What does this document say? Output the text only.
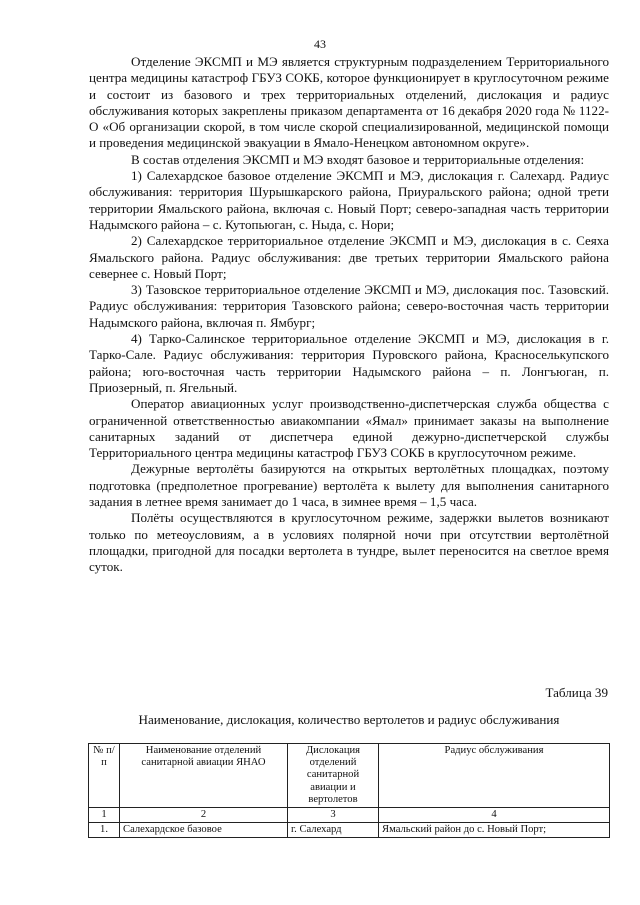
43

Отделение ЭКСМП и МЭ является структурным подразделением Территориального центра медицины катастроф ГБУЗ СОКБ, которое функционирует в круглосуточном режиме и состоит из базового и трех территориальных отделений, дислокация и радиус обслуживания которых закреплены приказом департамента от 16 декабря 2020 года № 1122-О «Об организации скорой, в том числе скорой специализированной, медицинской помощи и проведения медицинской эвакуации в Ямало-Ненецком автономном округе».

В состав отделения ЭКСМП и МЭ входят базовое и территориальные отделения:

1) Салехардское базовое отделение ЭКСМП и МЭ, дислокация г. Салехард. Радиус обслуживания: территория Шурышкарского района, Приуральского района; одной трети территории Ямальского района, включая с. Новый Порт; северо-западная часть территории Надымского района – с. Кутопьюган, с. Ныда, с. Нори;

2) Салехардское территориальное отделение ЭКСМП и МЭ, дислокация в с. Сеяха Ямальского района. Радиус обслуживания: две третьих территории Ямальского района севернее с. Новый Порт;

3) Тазовское территориальное отделение ЭКСМП и МЭ, дислокация пос. Тазовский. Радиус обслуживания: территория Тазовского района; северо-восточная часть территории Надымского района, включая п. Ямбург;

4) Тарко-Салинское территориальное отделение ЭКСМП и МЭ, дислокация в г. Тарко-Сале. Радиус обслуживания: территория Пуровского района, Красноселькупского района; юго-восточная часть территории Надымского района – п. Лонгъюган, п. Приозерный, п. Ягельный.

Оператор авиационных услуг производственно-диспетчерская служба общества с ограниченной ответственностью авиакомпании «Ямал» принимает заказы на выполнение санитарных заданий от диспетчера единой дежурно-диспетчерской службы Территориального центра медицины катастроф ГБУЗ СОКБ в круглосуточном режиме.

Дежурные вертолёты базируются на открытых вертолётных площадках, поэтому подготовка (предполетное прогревание) вертолёта к вылету для выполнения санитарного задания в летнее время занимает до 1 часа, в зимнее время – 1,5 часа.

Полёты осуществляются в круглосуточном режиме, задержки вылетов возникают только по метеоусловиям, а в условиях полярной ночи при отсутствии вертолётной площадки, пригодной для посадки вертолета в тундре, вылет переносится на светлое время суток.

Таблица 39
Наименование, дислокация, количество вертолетов и радиус обслуживания
№ п/п	Наименование отделений санитарной авиации ЯНАО	Дислокация отделений санитарной авиации и вертолетов	Радиус обслуживания
1	2	3	4
1.	Салехардское базовое	г. Салехард	Ямальский район до с. Новый Порт;
